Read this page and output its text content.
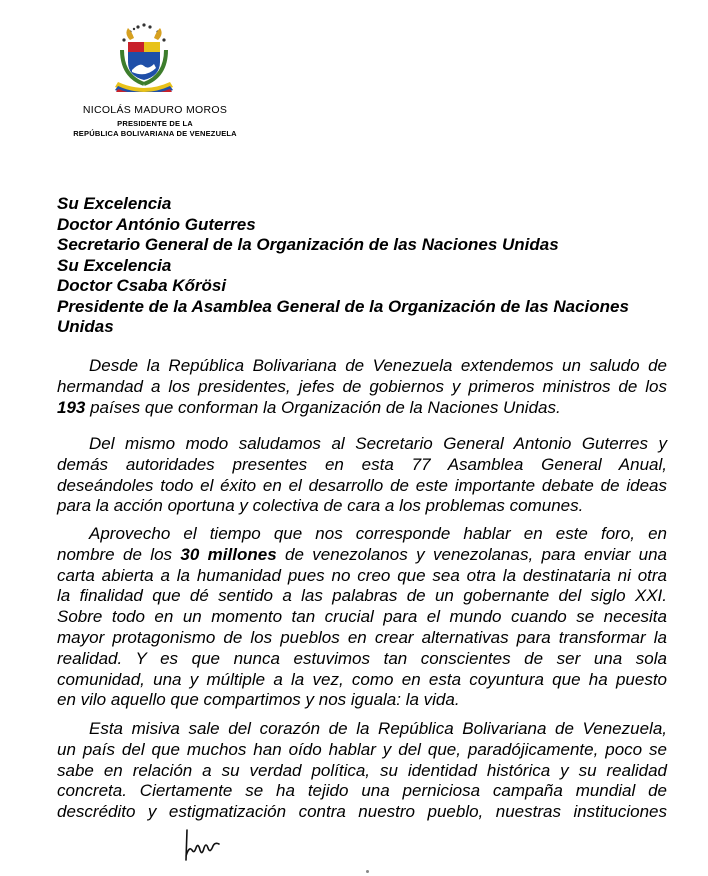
NICOLÁS MADURO MOROS
PRESIDENTE DE LA
REPÚBLICA BOLIVARIANA DE VENEZUELA
Su Excelencia
Doctor António Guterres
Secretario General de la Organización de las Naciones Unidas
Su Excelencia
Doctor Csaba Kőrösi
Presidente de la Asamblea General de la Organización de las Naciones
Unidas
Desde la República Bolivariana de Venezuela extendemos un saludo de
hermandad a los presidentes, jefes de gobiernos y primeros ministros de los
193 países que conforman la Organización de la Naciones Unidas.
Del mismo modo saludamos al Secretario General Antonio Guterres y
demás autoridades presentes en esta 77 Asamblea General Anual,
deseándoles todo el éxito en el desarrollo de este importante debate de ideas
para la acción oportuna y colectiva de cara a los problemas comunes.
Aprovecho el tiempo que nos corresponde hablar en este foro, en
nombre de los 30 millones de venezolanos y venezolanas, para enviar una
carta abierta a la humanidad pues no creo que sea otra la destinataria ni otra
la finalidad que dé sentido a las palabras de un gobernante del siglo XXI.
Sobre todo en un momento tan crucial para el mundo cuando se necesita
mayor protagonismo de los pueblos en crear alternativas para transformar la
realidad. Y es que nunca estuvimos tan conscientes de ser una sola
comunidad, una y múltiple a la vez, como en esta coyuntura que ha puesto
en vilo aquello que compartimos y nos iguala: la vida.
Esta misiva sale del corazón de la República Bolivariana de Venezuela,
un país del que muchos han oído hablar y del que, paradójicamente, poco se
sabe en relación a su verdad política, su identidad histórica y su realidad
concreta. Ciertamente se ha tejido una perniciosa campaña mundial de
descrédito y estigmatización contra nuestro pueblo, nuestras instituciones
